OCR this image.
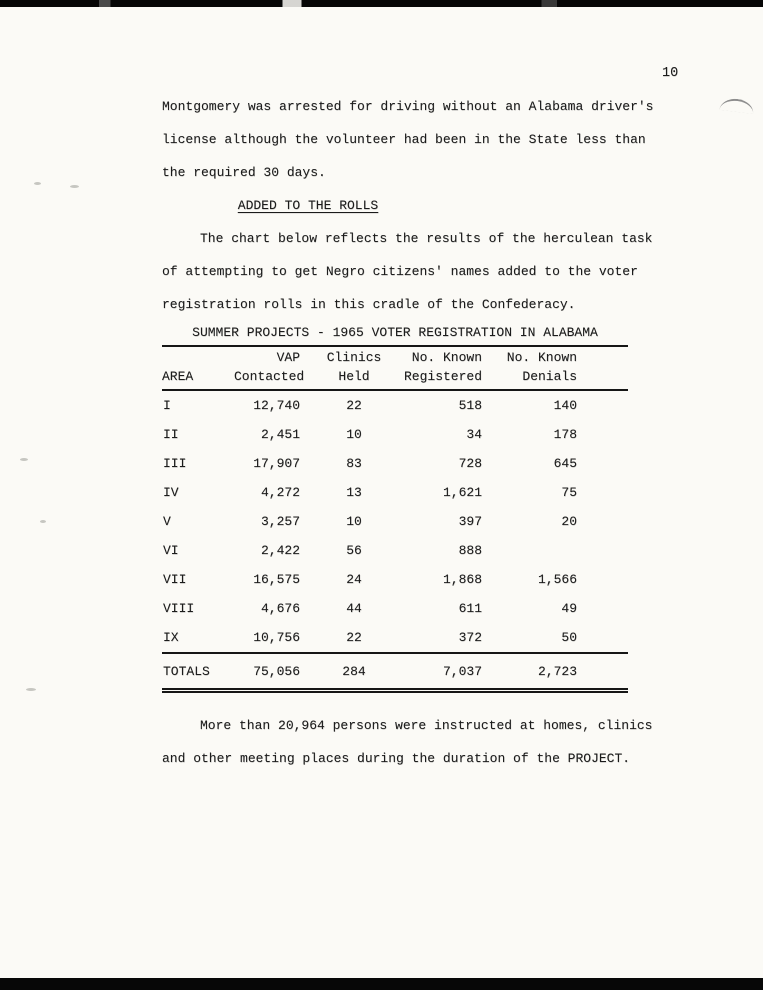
10
Montgomery was arrested for driving without an Alabama driver's
license although the volunteer had been in the State less than
the required 30 days.
ADDED TO THE ROLLS
The chart below reflects the results of the herculean task
of attempting to get Negro citizens' names added to the voter
registration rolls in this cradle of the Confederacy.
SUMMER PROJECTS - 1965 VOTER REGISTRATION IN ALABAMA
	VAP	Clinics	No. Known	No. Known	
AREA	Contacted	Held	Registered	Denials	
I	12,740	22	518	140	
II	2,451	10	34	178	
III	17,907	83	728	645	
IV	4,272	13	1,621	75	
V	3,257	10	397	20	
VI	2,422	56	888		
VII	16,575	24	1,868	1,566	
VIII	4,676	44	611	49	
IX	10,756	22	372	50	
TOTALS	75,056	284	7,037	2,723	
More than 20,964 persons were instructed at homes, clinics
and other meeting places during the duration of the PROJECT.
